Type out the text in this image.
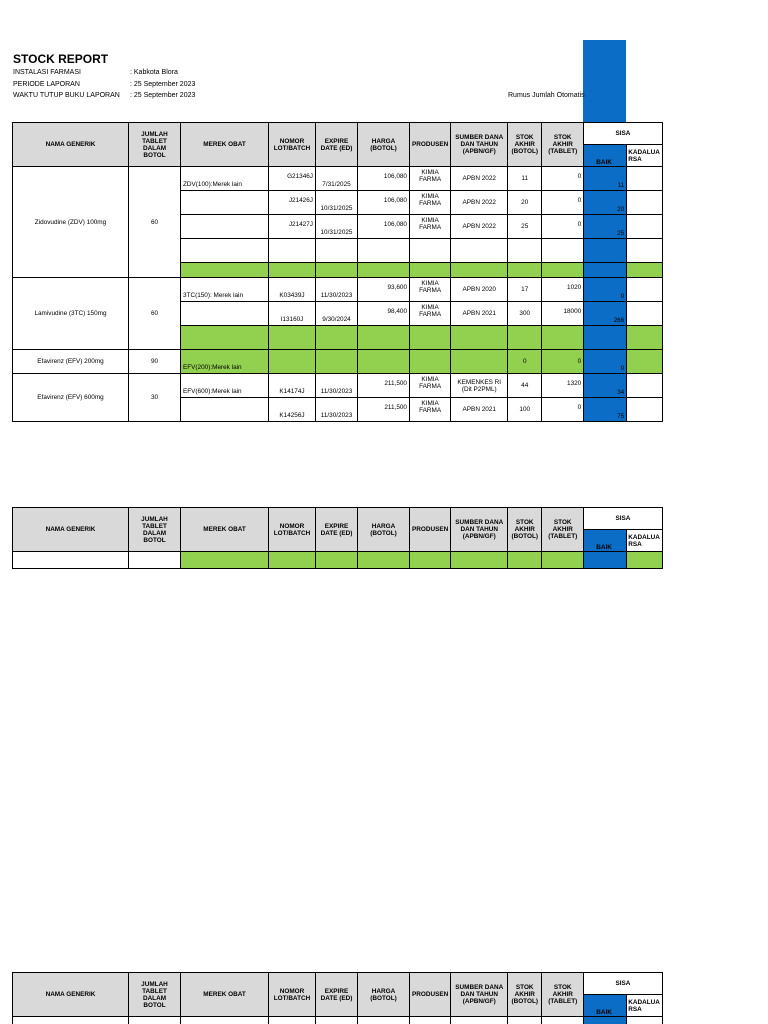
STOCK REPORT
INSTALASI FARMASI	: Kabkota Blora
PERIODE LAPORAN	: 25 September 2023
WAKTU TUTUP BUKU LAPORAN	: 25 September 2023	Rumus Jumlah Otomatis
NAMA GENERIK	JUMLAH TABLET DALAM BOTOL	MEREK OBAT	NOMOR LOT/BATCH	EXPIRE DATE (ED)	HARGA (BOTOL)	PRODUSEN	SUMBER DANA DAN TAHUN (APBN/GF)	STOK AKHIR (BOTOL)	STOK AKHIR (TABLET)	SISA	
										BAIK	KADALUA RSA
Zidovudine (ZDV) 100mg	60	ZDV(100):Merek lain	G21346J	7/31/2025	106,080	KIMIA FARMA	APBN 2022	11	0	11	
			J21426J	10/31/2025	106,080	KIMIA FARMA	APBN 2022	20	0	20	
			J21427J	10/31/2025	106,080	KIMIA FARMA	APBN 2022	25	0	25	

Lamivudine (3TC) 150mg	60	3TC(150): Merek lain	K03439J	11/30/2023	93,600	KIMIA FARMA	APBN 2020	17	1020	0	
			I13160J	9/30/2024	98,400	KIMIA FARMA	APBN 2021	300	18000	266	

Efavirenz (EFV) 200mg	90	EFV(200):Merek lain						0	0	0	
Efavirenz (EFV) 600mg	30	EFV(600):Merek lain	K14174J	11/30/2023	211,500	KIMIA FARMA	KEMENKES RI (Dit P2PML)	44	1320	34	
			K14256J	11/30/2023	211,500	KIMIA FARMA	APBN 2021	100	0	75	
NAMA GENERIK	JUMLAH TABLET DALAM BOTOL	MEREK OBAT	NOMOR LOT/BATCH	EXPIRE DATE (ED)	HARGA (BOTOL)	PRODUSEN	SUMBER DANA DAN TAHUN (APBN/GF)	STOK AKHIR (BOTOL)	STOK AKHIR (TABLET)	SISA	
										BAIK	KADALUA RSA

NAMA GENERIK	JUMLAH TABLET DALAM BOTOL	MEREK OBAT	NOMOR LOT/BATCH	EXPIRE DATE (ED)	HARGA (BOTOL)	PRODUSEN	SUMBER DANA DAN TAHUN (APBN/GF)	STOK AKHIR (BOTOL)	STOK AKHIR (TABLET)	SISA	
										BAIK	KADALUA RSA
